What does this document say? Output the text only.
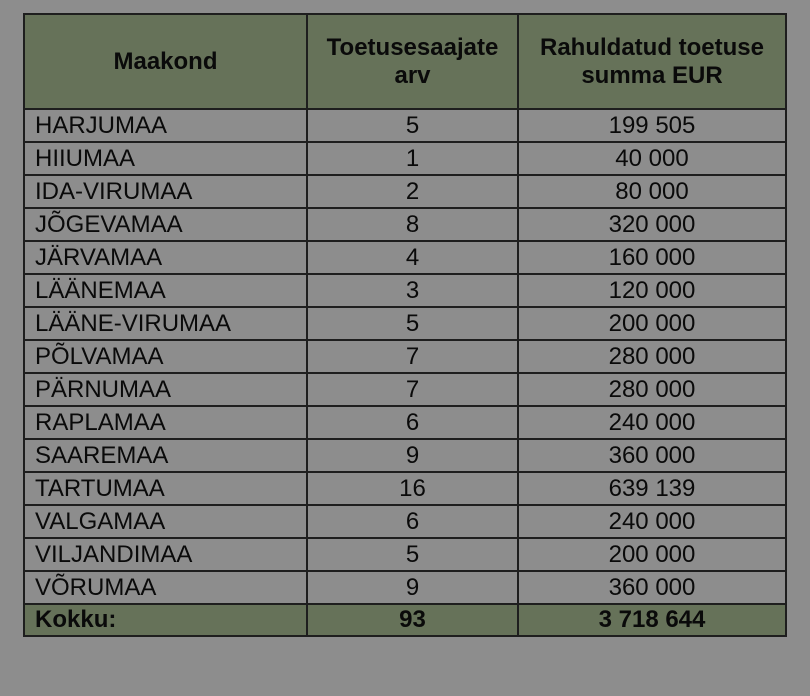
Maakond	Toetusesaajate arv	Rahuldatud toetuse summa EUR
HARJUMAA	5	199 505
HIIUMAA	1	40 000
IDA-VIRUMAA	2	80 000
JÕGEVAMAA	8	320 000
JÄRVAMAA	4	160 000
LÄÄNEMAA	3	120 000
LÄÄNE-VIRUMAA	5	200 000
PÕLVAMAA	7	280 000
PÄRNUMAA	7	280 000
RAPLAMAA	6	240 000
SAAREMAA	9	360 000
TARTUMAA	16	639 139
VALGAMAA	6	240 000
VILJANDIMAA	5	200 000
VÕRUMAA	9	360 000
Kokku:	93	3 718 644
